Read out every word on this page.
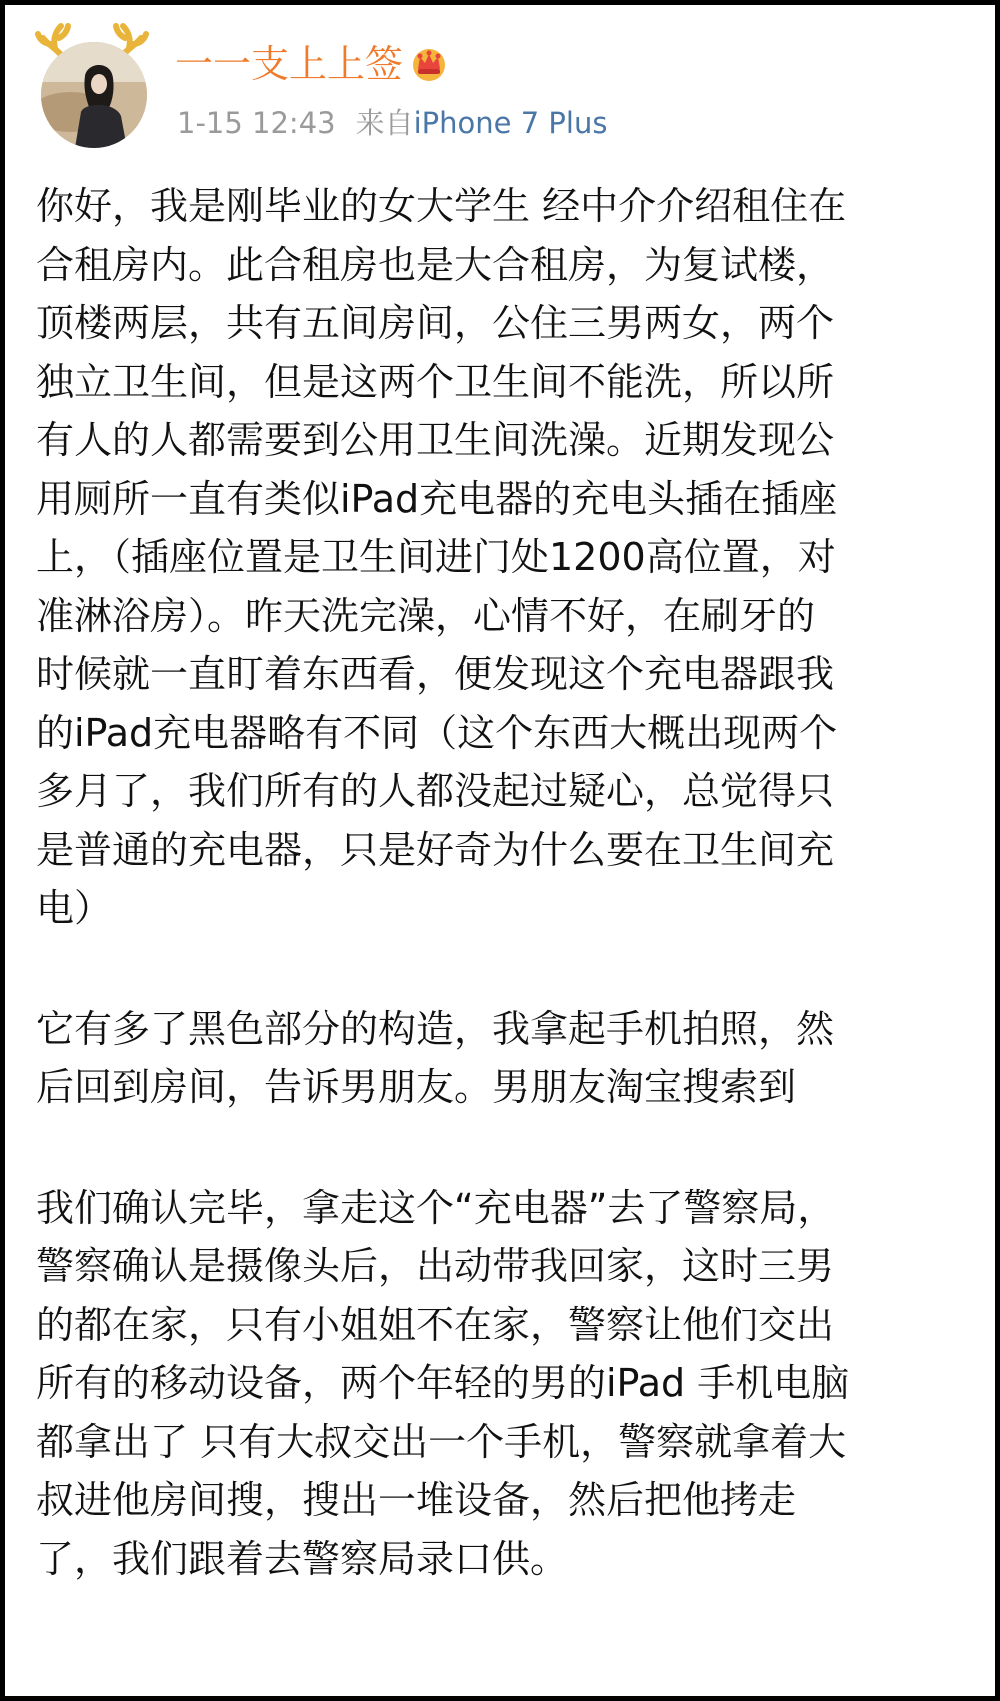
一一支上上签
1-15 12:43 来自iPhone 7 Plus

你好，我是刚毕业的女大学生 经中介介绍租住在
合租房内。此合租房也是大合租房，为复试楼，
顶楼两层，共有五间房间，公住三男两女，两个
独立卫生间，但是这两个卫生间不能洗，所以所
有人的人都需要到公用卫生间洗澡。近期发现公
用厕所一直有类似iPad充电器的充电头插在插座
上，（插座位置是卫生间进门处1200高位置，对
准淋浴房）。昨天洗完澡，心情不好，在刷牙的
时候就一直盯着东西看，便发现这个充电器跟我
的iPad充电器略有不同（这个东西大概出现两个
多月了，我们所有的人都没起过疑心，总觉得只
是普通的充电器，只是好奇为什么要在卫生间充
电）

它有多了黑色部分的构造，我拿起手机拍照，然
后回到房间，告诉男朋友。男朋友淘宝搜索到

我们确认完毕，拿走这个“充电器”去了警察局，
警察确认是摄像头后，出动带我回家，这时三男
的都在家，只有小姐姐不在家，警察让他们交出
所有的移动设备，两个年轻的男的iPad 手机电脑
都拿出了 只有大叔交出一个手机，警察就拿着大
叔进他房间搜，搜出一堆设备，然后把他拷走
了，我们跟着去警察局录口供。
